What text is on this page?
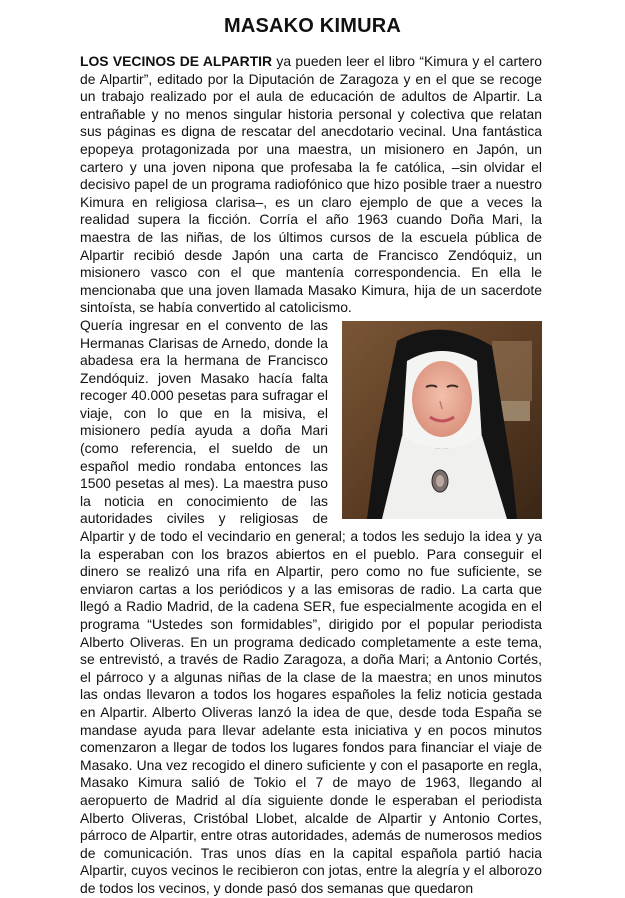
MASAKO KIMURA
LOS VECINOS DE ALPARTIR ya pueden leer el libro “Kimura y el cartero de Alpartir”, editado por la Diputación de Zaragoza y en el que se recoge un trabajo realizado por el aula de educación de adultos de Alpartir. La entrañable y no menos singular historia personal y colectiva que relatan sus páginas es digna de rescatar del anecdotario vecinal. Una fantástica epopeya protagonizada por una maestra, un misionero en Japón, un cartero y una joven nipona que profesaba la fe católica, –sin olvidar el decisivo papel de un programa radiofónico que hizo posible traer a nuestro Kimura en religiosa clarisa–, es un claro ejemplo de que a veces la realidad supera la ficción. Corría el año 1963 cuando Doña Mari, la maestra de las niñas, de los últimos cursos de la escuela pública de Alpartir recibió desde Japón una carta de Francisco Zendóquiz, un misionero vasco con el que mantenía correspondencia. En ella le mencionaba que una joven llamada Masako Kimura, hija de un sacerdote sintoísta, se había convertido al catolicismo.

Quería ingresar en el convento de las Hermanas Clarisas de Arnedo, donde la abadesa era la hermana de Francisco Zendóquiz. joven Masako hacía falta recoger 40.000 pesetas para sufragar el viaje, con lo que en la misiva, el misionero pedía ayuda a doña Mari (como referencia, el sueldo de un español medio rondaba entonces las 1500 pesetas al mes). La maestra puso la noticia en conocimiento de las autoridades civiles y religiosas de Alpartir y de todo el vecindario en general; a todos les sedujo la idea y ya la esperaban con los brazos abiertos en el pueblo. Para conseguir el dinero se realizó una rifa en Alpartir, pero como no fue suficiente, se enviaron cartas a los periódicos y a las emisoras de radio. La carta que llegó a Radio Madrid, de la cadena SER, fue especialmente acogida en el programa “Ustedes son formidables”, dirigido por el popular periodista Alberto Oliveras. En un programa dedicado completamente a este tema, se entrevistó, a través de Radio Zaragoza, a doña Mari; a Antonio Cortés, el párroco y a algunas niñas de la clase de la maestra; en unos minutos las ondas llevaron a todos los hogares españoles la feliz noticia gestada en Alpartir. Alberto Oliveras lanzó la idea de que, desde toda España se mandase ayuda para llevar adelante esta iniciativa y en pocos minutos comenzaron a llegar de todos los lugares fondos para financiar el viaje de Masako. Una vez recogido el dinero suficiente y con el pasaporte en regla, Masako Kimura salió de Tokio el 7 de mayo de 1963, llegando al aeropuerto de Madrid al día siguiente donde le esperaban el periodista Alberto Oliveras, Cristóbal Llobet, alcalde de Alpartir y Antonio Cortes, párroco de Alpartir, entre otras autoridades, además de numerosos medios de comunicación. Tras unos días en la capital española partió hacia Alpartir, cuyos vecinos le recibieron con jotas, entre la alegría y el alborozo de todos los vecinos, y donde pasó dos semanas que quedaron
